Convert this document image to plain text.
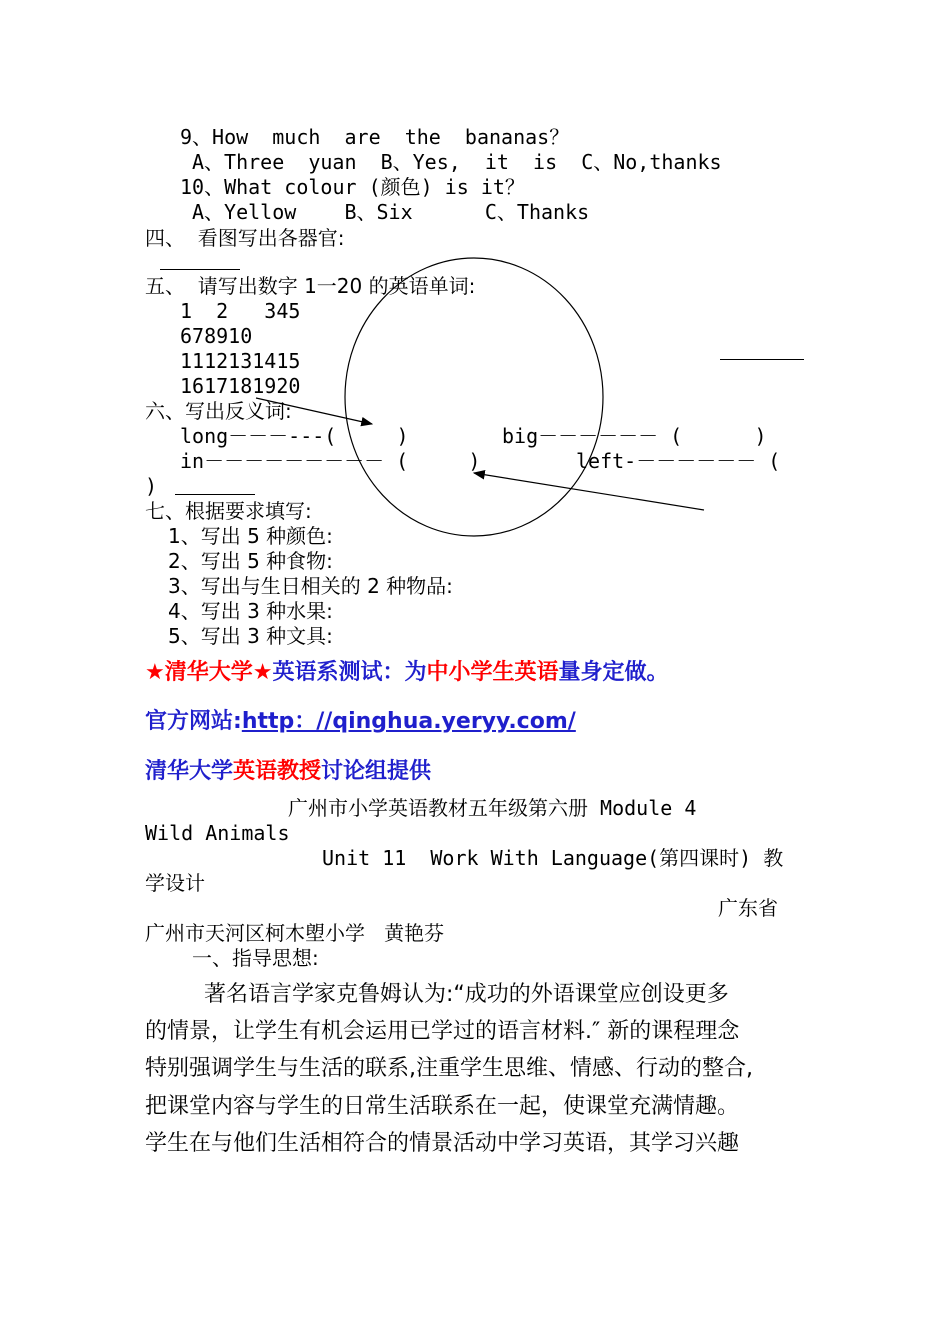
9、How  much  are  the  bananas？
A、Three  yuan  B、Yes,  it  is  C、No,thanks
10、What colour (颜色) is it？
A、Yellow    B、Six      C、Thanks
四、  看图写出各器官:
五、  请写出数字 1一20 的英语单词:
1  2   345
678910
1112131415
1617181920
六、写出反义词:
long－－－---(     )	big－－－－－－ (      )
in－－－－－－－－－ (     )	left-－－－－－－ (
)
七、根据要求填写:
1、写出 5 种颜色:
2、写出 5 种食物:
3、写出与生日相关的 2 种物品:
4、写出 3 种水果:
5、写出 3 种文具:
★清华大学★英语系测试：为中小学生英语量身定做。
官方网站:http：//qinghua.yeryy.com/
清华大学英语教授讨论组提供
广州市小学英语教材五年级第六册 Module 4
Wild Animals
Unit 11  Work With Language(第四课时) 教
学设计
广东省
广州市天河区柯木塱小学   黄艳芬
一、指导思想:
著名语言学家克鲁姆认为:“成功的外语课堂应创设更多
的情景，让学生有机会运用已学过的语言材料.″ 新的课程理念
特别强调学生与生活的联系,注重学生思维、情感、行动的整合,
把课堂内容与学生的日常生活联系在一起，使课堂充满情趣。
学生在与他们生活相符合的情景活动中学习英语，其学习兴趣
